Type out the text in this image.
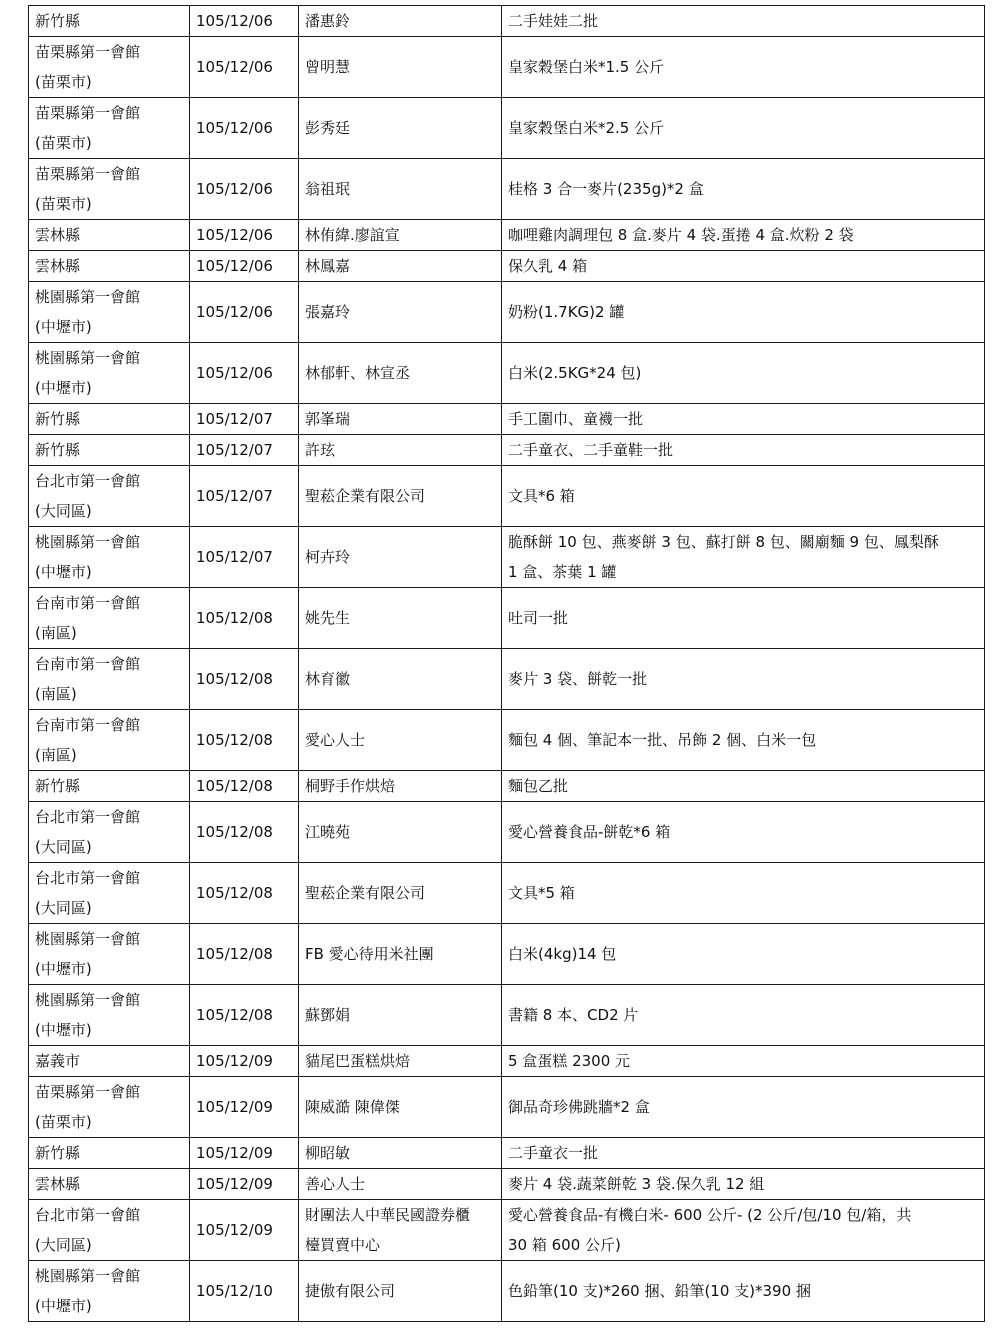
新竹縣	105/12/06	潘惠鈴	二手娃娃二批
苗栗縣第一會館
(苗栗市)	105/12/06	曾明慧	皇家穀堡白米*1.5 公斤
苗栗縣第一會館
(苗栗市)	105/12/06	彭秀廷	皇家穀堡白米*2.5 公斤
苗栗縣第一會館
(苗栗市)	105/12/06	翁祖珉	桂格 3 合一麥片(235g)*2 盒
雲林縣	105/12/06	林侑緯.廖誼宣	咖哩雞肉調理包 8 盒.麥片 4 袋.蛋捲 4 盒.炊粉 2 袋
雲林縣	105/12/06	林鳳嘉	保久乳 4 箱
桃園縣第一會館
(中壢市)	105/12/06	張嘉玲	奶粉(1.7KG)2 罐
桃園縣第一會館
(中壢市)	105/12/06	林郁軒、林宣丞	白米(2.5KG*24 包)
新竹縣	105/12/07	郭峯瑞	手工圍巾、童襪一批
新竹縣	105/12/07	許玹	二手童衣、二手童鞋一批
台北市第一會館
(大同區)	105/12/07	聖菘企業有限公司	文具*6 箱
桃園縣第一會館
(中壢市)	105/12/07	柯卉玲	脆酥餅 10 包、燕麥餅 3 包、蘇打餅 8 包、關廟麵 9 包、鳳梨酥
1 盒、茶葉 1 罐
台南市第一會館
(南區)	105/12/08	姚先生	吐司一批
台南市第一會館
(南區)	105/12/08	林育徽	麥片 3 袋、餅乾一批
台南市第一會館
(南區)	105/12/08	愛心人士	麵包 4 個、筆記本一批、吊飾 2 個、白米一包
新竹縣	105/12/08	桐野手作烘焙	麵包乙批
台北市第一會館
(大同區)	105/12/08	江曉苑	愛心營養食品-餅乾*6 箱
台北市第一會館
(大同區)	105/12/08	聖菘企業有限公司	文具*5 箱
桃園縣第一會館
(中壢市)	105/12/08	FB 愛心待用米社團	白米(4kg)14 包
桃園縣第一會館
(中壢市)	105/12/08	蘇鄧娟	書籍 8 本、CD2 片
嘉義市	105/12/09	貓尾巴蛋糕烘焙	5 盒蛋糕 2300 元
苗栗縣第一會館
(苗栗市)	105/12/09	陳威澔 陳偉傑	御品奇珍佛跳牆*2 盒
新竹縣	105/12/09	柳昭敏	二手童衣一批
雲林縣	105/12/09	善心人士	麥片 4 袋.蔬菜餅乾 3 袋.保久乳 12 組
台北市第一會館
(大同區)	105/12/09	財團法人中華民國證券櫃
檯買賣中心	愛心營養食品-有機白米- 600 公斤- (2 公斤/包/10 包/箱，共
30 箱 600 公斤)
桃園縣第一會館
(中壢市)	105/12/10	捷傲有限公司	色鉛筆(10 支)*260 捆、鉛筆(10 支)*390 捆
